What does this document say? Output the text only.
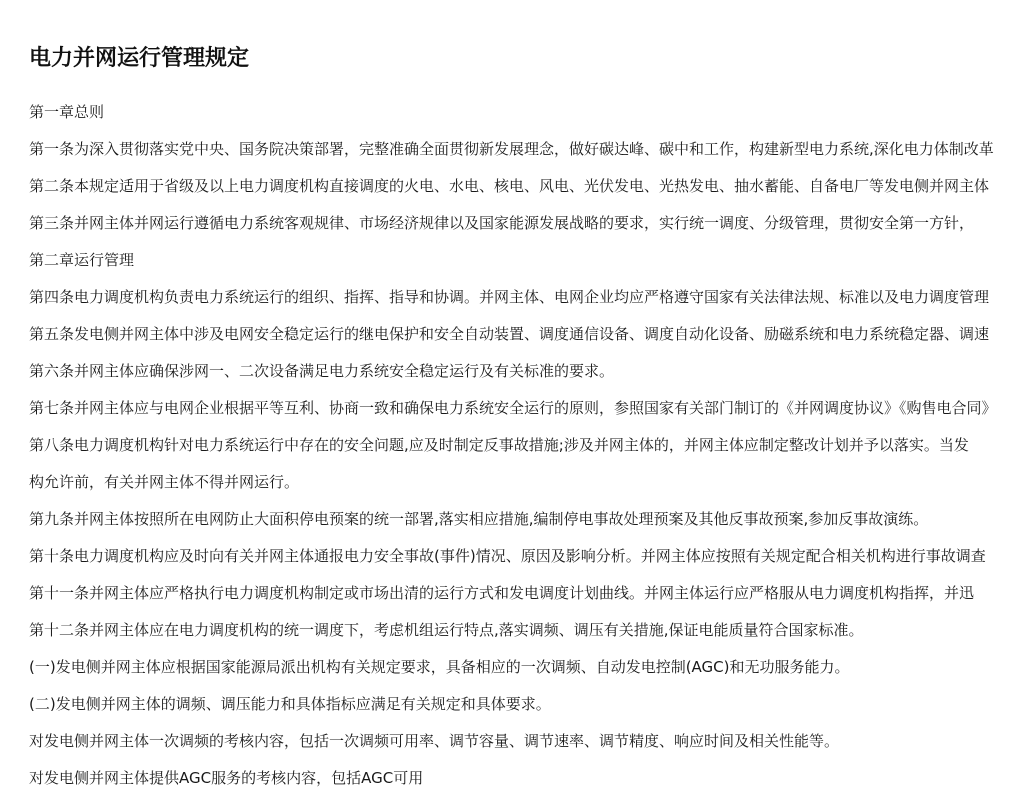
电力并网运行管理规定
第一章总则
第一条为深入贯彻落实党中央、国务院决策部署，完整准确全面贯彻新发展理念，做好碳达峰、碳中和工作，构建新型电力系统,深化电力体制改革
第二条本规定适用于省级及以上电力调度机构直接调度的火电、水电、核电、风电、光伏发电、光热发电、抽水蓄能、自备电厂等发电侧并网主体
第三条并网主体并网运行遵循电力系统客观规律、市场经济规律以及国家能源发展战略的要求，实行统一调度、分级管理，贯彻安全第一方针，
第二章运行管理
第四条电力调度机构负责电力系统运行的组织、指挥、指导和协调。并网主体、电网企业均应严格遵守国家有关法律法规、标准以及电力调度管理
第五条发电侧并网主体中涉及电网安全稳定运行的继电保护和安全自动装置、调度通信设备、调度自动化设备、励磁系统和电力系统稳定器、调速
第六条并网主体应确保涉网一、二次设备满足电力系统安全稳定运行及有关标准的要求。
第七条并网主体应与电网企业根据平等互利、协商一致和确保电力系统安全运行的原则，参照国家有关部门制订的《并网调度协议》《购售电合同》
第八条电力调度机构针对电力系统运行中存在的安全问题,应及时制定反事故措施;涉及并网主体的，并网主体应制定整改计划并予以落实。当发
构允许前，有关并网主体不得并网运行。
第九条并网主体按照所在电网防止大面积停电预案的统一部署,落实相应措施,编制停电事故处理预案及其他反事故预案,参加反事故演练。
第十条电力调度机构应及时向有关并网主体通报电力安全事故(事件)情况、原因及影响分析。并网主体应按照有关规定配合相关机构进行事故调查
第十一条并网主体应严格执行电力调度机构制定或市场出清的运行方式和发电调度计划曲线。并网主体运行应严格服从电力调度机构指挥，并迅
第十二条并网主体应在电力调度机构的统一调度下，考虑机组运行特点,落实调频、调压有关措施,保证电能质量符合国家标准。
(一)发电侧并网主体应根据国家能源局派出机构有关规定要求，具备相应的一次调频、自动发电控制(AGC)和无功服务能力。
(二)发电侧并网主体的调频、调压能力和具体指标应满足有关规定和具体要求。
对发电侧并网主体一次调频的考核内容，包括一次调频可用率、调节容量、调节速率、调节精度、响应时间及相关性能等。
对发电侧并网主体提供AGC服务的考核内容，包括AGC可用
